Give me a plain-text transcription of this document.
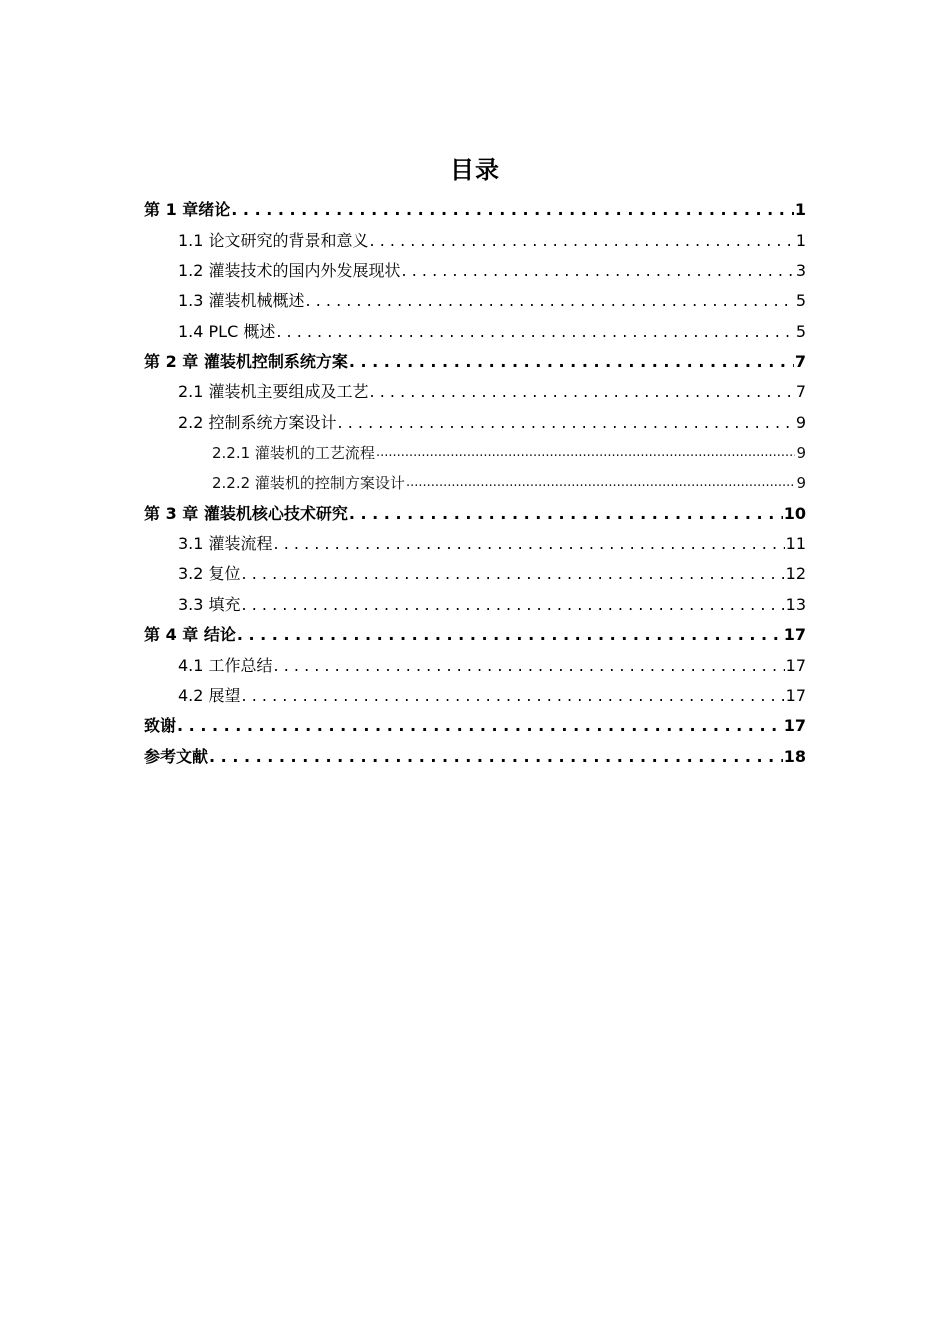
目录
第 1 章绪论 . . .	1
1.1 论文研究的背景和意义 . . .	1
1.2 灌装技术的国内外发展现状 . . .	3
1.3 灌装机械概述 . . .	5
1.4 PLC 概述 . . .	5
第 2 章 灌装机控制系统方案 . . .	7
2.1 灌装机主要组成及工艺 . . .	7
2.2 控制系统方案设计 . . .	9
2.2.1 灌装机的工艺流程 .....	9
2.2.2 灌装机的控制方案设计 .....	9
第 3 章 灌装机核心技术研究 . . .	10
3.1 灌装流程 . . .	11
3.2 复位 . . .	12
3.3 填充 . . .	13
第 4 章 结论 . . .	17
4.1 工作总结 . . .	17
4.2 展望 . . .	17
致谢 . . .	17
参考文献 . . .	18
